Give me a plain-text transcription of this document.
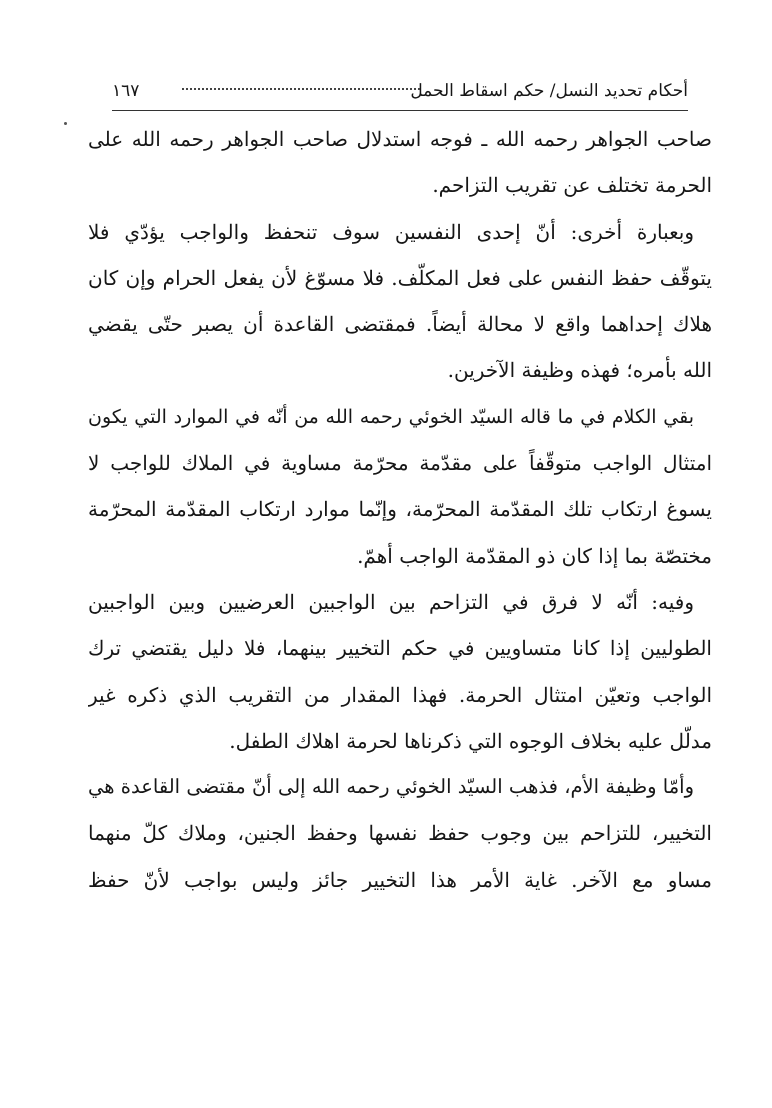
أحكام تحديد النسل/ حكم اسقاط الحمل
١٦٧

صاحب الجواهر رحمه الله ـ فوجه استدلال صاحب الجواهر رحمه الله على
الحرمة تختلف عن تقريب التزاحم.

وبعبارة أخرى: أنّ إحدى النفسين سوف تنحفظ والواجب يؤدّي فلا
يتوقّف حفظ النفس على فعل المكلّف. فلا مسوّغ لأن يفعل الحرام وإن كان
هلاك إحداهما واقع لا محالة أيضاً. فمقتضى القاعدة أن يصبر حتّى يقضي
الله بأمره؛ فهذه وظيفة الآخرين.

بقي الكلام في ما قاله السيّد الخوئي رحمه الله من أنّه في الموارد التي يكون
امتثال الواجب متوقّفاً على مقدّمة محرّمة مساوية في الملاك للواجب لا
يسوغ ارتكاب تلك المقدّمة المحرّمة، وإنّما موارد ارتكاب المقدّمة المحرّمة
مختصّة بما إذا كان ذو المقدّمة الواجب أهمّ.

وفيه: أنّه لا فرق في التزاحم بين الواجبين العرضيين وبين الواجبين
الطوليين إذا كانا متساويين في حكم التخيير بينهما، فلا دليل يقتضي ترك
الواجب وتعيّن امتثال الحرمة. فهذا المقدار من التقريب الذي ذكره غير
مدلّل عليه بخلاف الوجوه التي ذكرناها لحرمة اهلاك الطفل.

وأمّا وظيفة الأم، فذهب السيّد الخوئي رحمه الله إلى أنّ مقتضى القاعدة هي
التخيير، للتزاحم بين وجوب حفظ نفسها وحفظ الجنين، وملاك كلّ منهما
مساو مع الآخر. غاية الأمر هذا التخيير جائز وليس بواجب لأنّ حفظ
